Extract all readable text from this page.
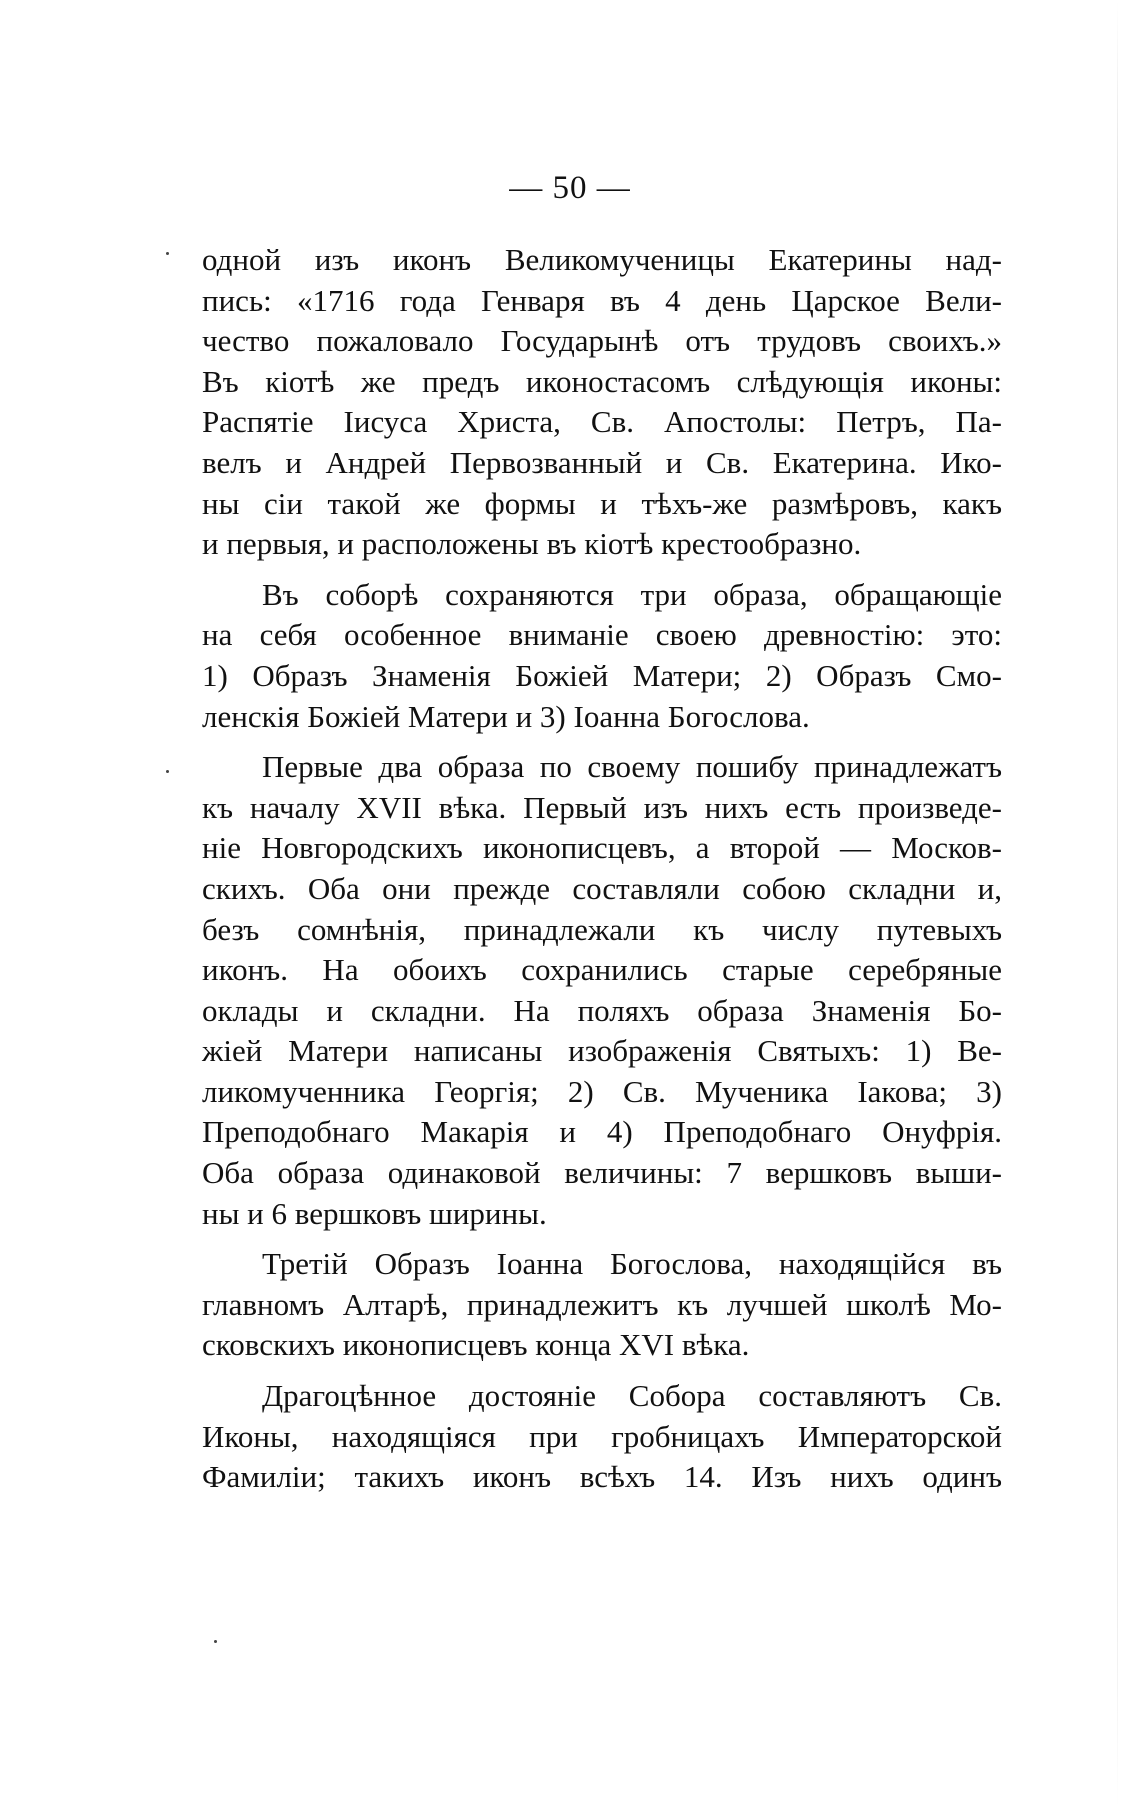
— 50 —
одной изъ иконъ Великомученицы Екатерины над-
пись: «1716 года Генваря въ 4 день Царское Вели-
чество пожаловало Государынѣ отъ трудовъ своихъ.»
Въ кіотѣ же предъ иконостасомъ слѣдующія иконы:
Распятіе Іисуса Христа, Св. Апостолы: Петръ, Па-
велъ и Андрей Первозванный и Св. Екатерина. Ико-
ны сіи такой же формы и тѣхъ-же размѣровъ, какъ
и первыя, и расположены въ кіотѣ крестообразно.
Въ соборѣ сохраняются три образа, обращающіе
на себя особенное вниманіе своею древностію: это:
1) Образъ Знаменія Божіей Матери; 2) Образъ Смо-
ленскія Божіей Матери и 3) Іоанна Богослова.
Первые два образа по своему пошибу принадлежатъ
къ началу XVII вѣка. Первый изъ нихъ есть произведе-
ніе Новгородскихъ иконописцевъ, а второй — Москов-
скихъ. Оба они прежде составляли собою складни и,
безъ сомнѣнія, принадлежали къ числу путевыхъ
иконъ. На обоихъ сохранились старые серебряные
оклады и складни. На поляхъ образа Знаменія Бо-
жіей Матери написаны изображенія Святыхъ: 1) Ве-
ликомученника Георгія; 2) Св. Мученика Іакова; 3)
Преподобнаго Макарія и 4) Преподобнаго Онуфрія.
Оба образа одинаковой величины: 7 вершковъ выши-
ны и 6 вершковъ ширины.
Третій Образъ Іоанна Богослова, находящійся въ
главномъ Алтарѣ, принадлежитъ къ лучшей школѣ Мо-
сковскихъ иконописцевъ конца XVI вѣка.
Драгоцѣнное достояніе Собора составляютъ Св.
Иконы, находящіяся при гробницахъ Императорской
Фамиліи; такихъ иконъ всѣхъ 14. Изъ нихъ одинъ
